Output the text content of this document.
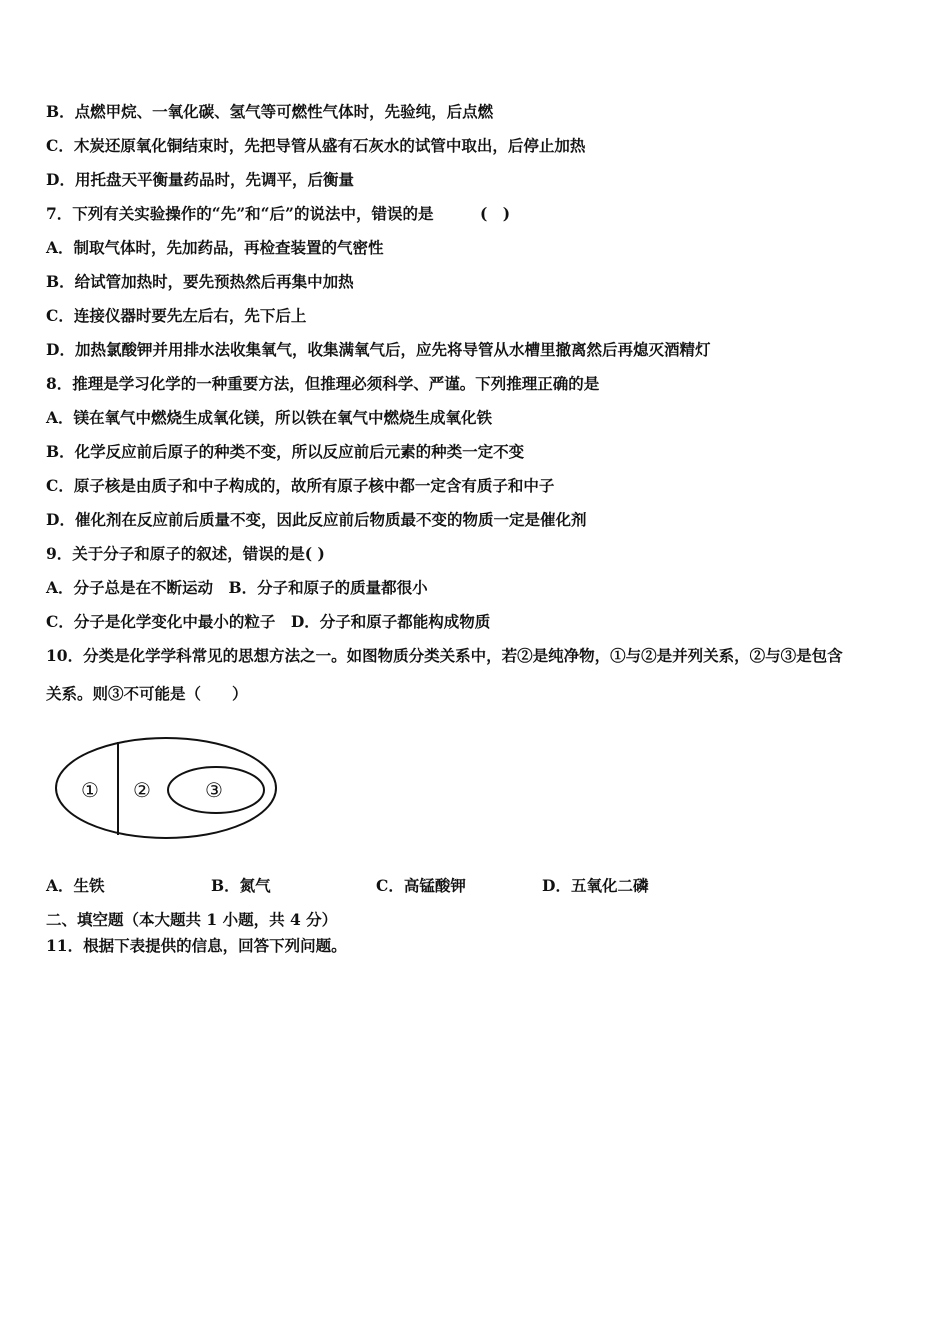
B．点燃甲烷、一氧化碳、氢气等可燃性气体时，先验纯，后点燃
C．木炭还原氧化铜结束时，先把导管从盛有石灰水的试管中取出，后停止加热
D．用托盘天平衡量药品时，先调平，后衡量
7．下列有关实验操作的“先”和“后”的说法中，错误的是　　　(　)
A．制取气体时，先加药品，再检查装置的气密性
B．给试管加热时，要先预热然后再集中加热
C．连接仪器时要先左后右，先下后上
D．加热氯酸钾并用排水法收集氧气，收集满氧气后，应先将导管从水槽里撤离然后再熄灭酒精灯
8．推理是学习化学的一种重要方法，但推理必须科学、严谨。下列推理正确的是
A．镁在氧气中燃烧生成氧化镁，所以铁在氧气中燃烧生成氧化铁
B．化学反应前后原子的种类不变，所以反应前后元素的种类一定不变
C．原子核是由质子和中子构成的，故所有原子核中都一定含有质子和中子
D．催化剂在反应前后质量不变，因此反应前后物质最不变的物质一定是催化剂
9．关于分子和原子的叙述，错误的是( )
A．分子总是在不断运动　B．分子和原子的质量都很小
C．分子是化学变化中最小的粒子　D．分子和原子都能构成物质
10．分类是化学学科常见的思想方法之一。如图物质分类关系中，若②是纯净物，①与②是并列关系，②与③是包含
关系。则③不可能是（　　）
① ②	③
A．生铁	B．氮气	C．高锰酸钾	D．五氧化二磷
二、填空题（本大题共 1 小题，共 4 分）
11．根据下表提供的信息，回答下列问题。
